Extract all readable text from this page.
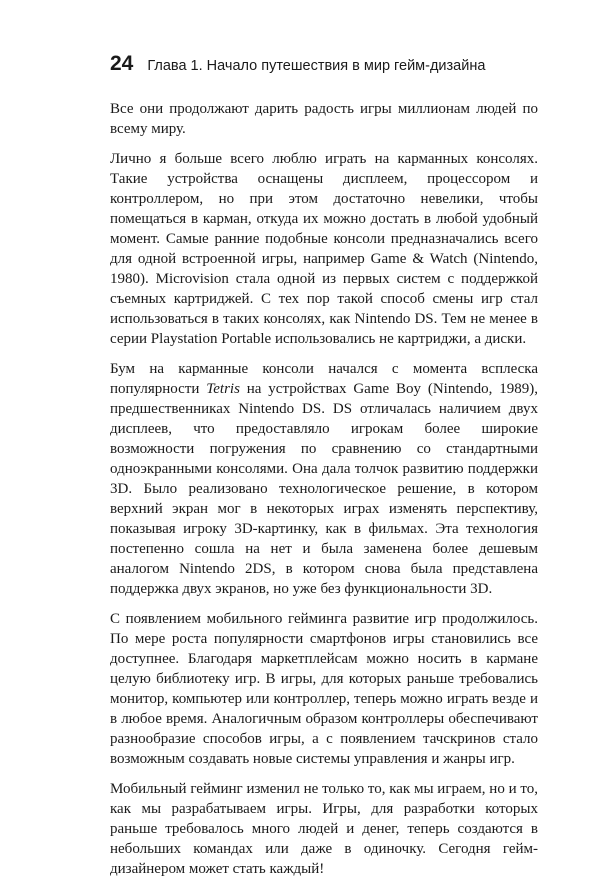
24 Глава 1. Начало путешествия в мир гейм-дизайна

Все они продолжают дарить радость игры миллионам людей по всему миру.

Лично я больше всего люблю играть на карманных консолях. Такие устройства оснащены дисплеем, процессором и контроллером, но при этом достаточно невелики, чтобы помещаться в карман, откуда их можно достать в любой удобный момент. Самые ранние подобные консоли предназначались всего для одной встроенной игры, например Game & Watch (Nintendo, 1980). Microvision стала одной из первых систем с поддержкой съемных картриджей. С тех пор такой способ смены игр стал использоваться в таких консолях, как Nintendo DS. Тем не менее в серии Playstation Portable использовались не картриджи, а диски.

Бум на карманные консоли начался с момента всплеска популярности Tetris на устройствах Game Boy (Nintendo, 1989), предшественниках Nintendo DS. DS отличалась наличием двух дисплеев, что предоставляло игрокам более широкие возможности погружения по сравнению со стандартными одноэкранными консолями. Она дала толчок развитию поддержки 3D. Было реализовано технологическое решение, в котором верхний экран мог в некоторых играх изменять перспективу, показывая игроку 3D-картинку, как в фильмах. Эта технология постепенно сошла на нет и была заменена более дешевым аналогом Nintendo 2DS, в котором снова была представлена поддержка двух экранов, но уже без функциональности 3D.

С появлением мобильного гейминга развитие игр продолжилось. По мере роста популярности смартфонов игры становились все доступнее. Благодаря маркетплейсам можно носить в кармане целую библиотеку игр. В игры, для которых раньше требовались монитор, компьютер или контроллер, теперь можно играть везде и в любое время. Аналогичным образом контроллеры обеспечивают разнообразие способов игры, а с появлением тачскринов стало возможным создавать новые системы управления и жанры игр.

Мобильный гейминг изменил не только то, как мы играем, но и то, как мы разрабатываем игры. Игры, для разработки которых раньше требовалось много людей и денег, теперь создаются в небольших командах или даже в одиночку. Сегодня гейм-дизайнером может стать каждый!
